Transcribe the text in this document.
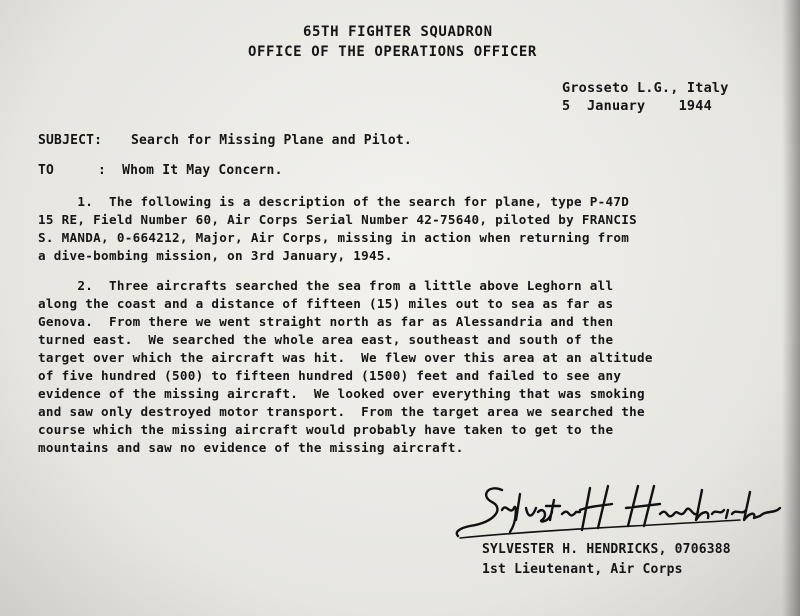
65TH FIGHTER SQUADRON
OFFICE OF THE OPERATIONS OFFICER
Grosseto L.G., Italy
5  January    1944
SUBJECT: Search for Missing Plane and Pilot.
TO	:  Whom It May Concern.
1.  The following is a description of the search for plane, type P-47D
15 RE, Field Number 60, Air Corps Serial Number 42-75640, piloted by FRANCIS
S. MANDA, 0-664212, Major, Air Corps, missing in action when returning from
a dive-bombing mission, on 3rd January, 1945.
2.  Three aircrafts searched the sea from a little above Leghorn all
along the coast and a distance of fifteen (15) miles out to sea as far as
Genova.  From there we went straight north as far as Alessandria and then
turned east.  We searched the whole area east, southeast and south of the
target over which the aircraft was hit.  We flew over this area at an altitude
of five hundred (500) to fifteen hundred (1500) feet and failed to see any
evidence of the missing aircraft.  We looked over everything that was smoking
and saw only destroyed motor transport.  From the target area we searched the
course which the missing aircraft would probably have taken to get to the
mountains and saw no evidence of the missing aircraft.
SYLVESTER H. HENDRICKS, 0706388
1st Lieutenant, Air Corps
